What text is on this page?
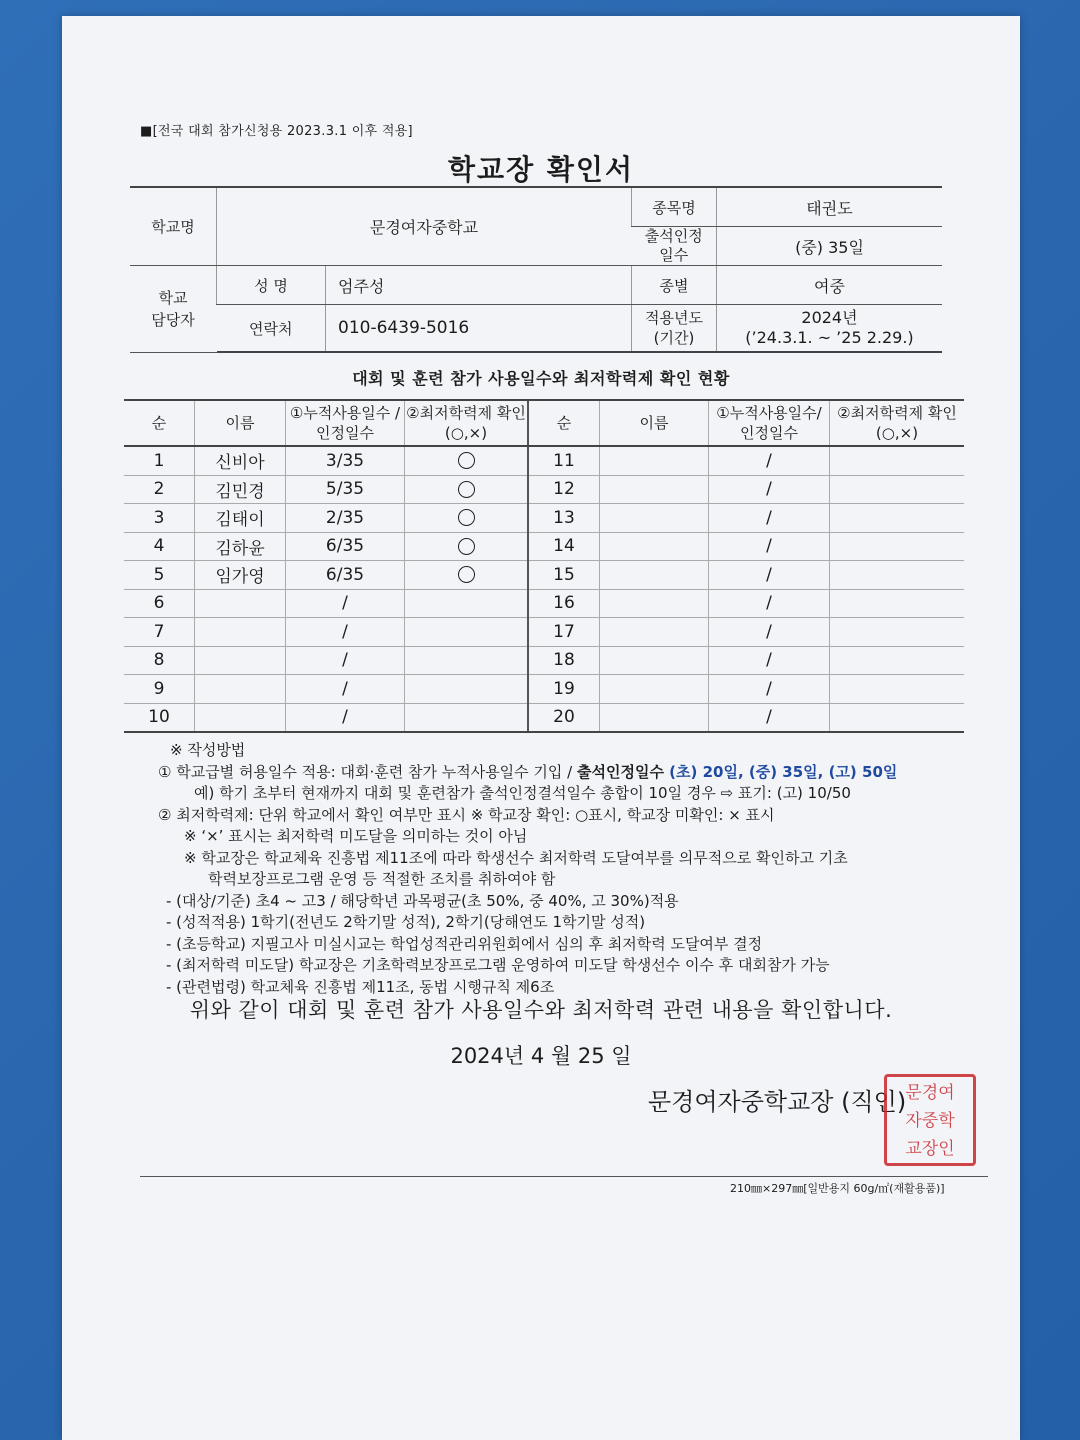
■[전국 대회 참가신청용 2023.3.1 이후 적용]
학교장 확인서
학교명	문경여자중학교		종목명	태권도
			출석인정 일수	(중) 35일
학교 담당자	성 명	엄주성	종별	여중
	연락처	010-6439-5016	적용년도 (기간)	2024년
(’24.3.1. ~ ’25 2.29.)
대회 및 훈련 참가 사용일수와 최저학력제 확인 현황
순	이름	①누적사용일수 /인정일수	②최저학력제 확인(○,×)	순	이름	①누적사용일수/ 인정일수	②최저학력제 확인(○,×)
1	신비아	3/35		11		/	
2	김민경	5/35		12		/	
3	김태이	2/35		13		/	
4	김하윤	6/35		14		/	
5	임가영	6/35		15		/	
6		/		16		/	
7		/		17		/	
8		/		18		/	
9		/		19		/	
10		/		20		/	
※ 작성방법
① 학교급별 허용일수 적용: 대회·훈련 참가 누적사용일수 기입 / 출석인정일수 (초) 20일, (중) 35일, (고) 50일
예) 학기 초부터 현재까지 대회 및 훈련참가 출석인정결석일수 총합이 10일 경우 ⇨ 표기: (고) 10/50
② 최저학력제: 단위 학교에서 확인 여부만 표시 ※ 학교장 확인: ○표시, 학교장 미확인: × 표시
※ ‘×’ 표시는 최저학력 미도달을 의미하는 것이 아님
※ 학교장은 학교체육 진흥법 제11조에 따라 학생선수 최저학력 도달여부를 의무적으로 확인하고 기초
학력보장프로그램 운영 등 적절한 조치를 취하여야 함
- (대상/기준) 초4 ~ 고3 / 해당학년 과목평균(초 50%, 중 40%, 고 30%)적용
- (성적적용) 1학기(전년도 2학기말 성적), 2학기(당해연도 1학기말 성적)
- (초등학교) 지필고사 미실시교는 학업성적관리위원회에서 심의 후 최저학력 도달여부 결정
- (최저학력 미도달) 학교장은 기초학력보장프로그램 운영하여 미도달 학생선수 이수 후 대회참가 가능
- (관련법령) 학교체육 진흥법 제11조, 동법 시행규칙 제6조
위와 같이 대회 및 훈련 참가 사용일수와 최저학력 관련 내용을 확인합니다.
2024년 4 월 25 일
문경여자중학교장 (직인) 문경여
자중학
교장인
210㎜×297㎜[일반용지 60g/㎡(재활용품)]
